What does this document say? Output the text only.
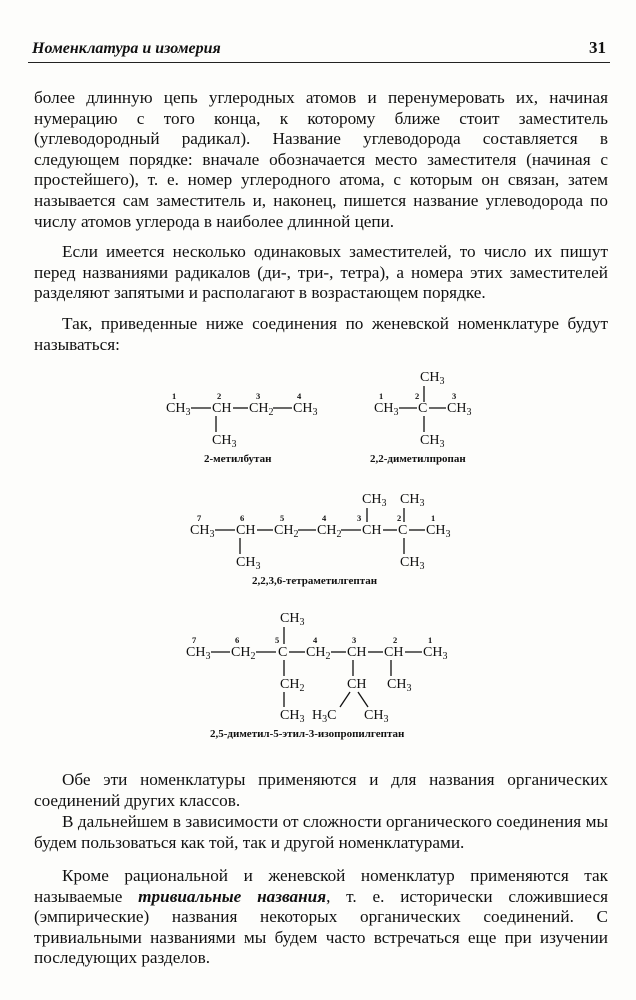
Номенклатура и изомерия	31

более длинную цепь углеродных атомов и перенумеровать их, начиная нумерацию с того конца, к которому ближе стоит заместитель (углеводородный радикал). Название углеводорода составляется в следующем порядке: вначале обозначается место заместителя (начиная с простейшего), т. е. номер углеродного атома, с которым он связан, затем называется сам заместитель и, наконец, пишется название углеводорода по числу атомов углерода в наиболее длинной цепи.

Если имеется несколько одинаковых заместителей, то число их пишут перед названиями радикалов (ди-, три-, тетра), а номера этих заместителей разделяют запятыми и располагают в возрастающем порядке.

Так, приведенные ниже соединения по женевской номенклатуре будут называться:

1	2	3	4
$CH_3$ CH $CH_2$ $CH_3$
$CH_3$
2-метилбутан
$CH_3$
1	2	3
$CH_3$ C $CH_3$
$CH_3$
2,2-диметилпропан
$CH_3$ $CH_3$
7	6	5	4	3	2	1
$CH_3$ CH $CH_2$ $CH_2$ CH C $CH_3$
$CH_3$	$CH_3$
2,2,3,6-тетраметилгептан
$CH_3$
7	6	5	4	3	2	1
$CH_3$ $CH_2$ C $CH_2$ CH CH $CH_3$
$CH_2$	CH $CH_3$
$CH_3$ $H_3C$ $CH_3$
2,5-диметил-5-этил-3-изопропилгептан

Обе эти номенклатуры применяются и для названия органических соединений других классов.

В дальнейшем в зависимости от сложности органического соединения мы будем пользоваться как той, так и другой номенклатурами.

Кроме рациональной и женевской номенклатур применяются так называемые тривиальные названия, т. е. исторически сложившиеся (эмпирические) названия некоторых органических соединений. С тривиальными названиями мы будем часто встречаться еще при изучении последующих разделов.
